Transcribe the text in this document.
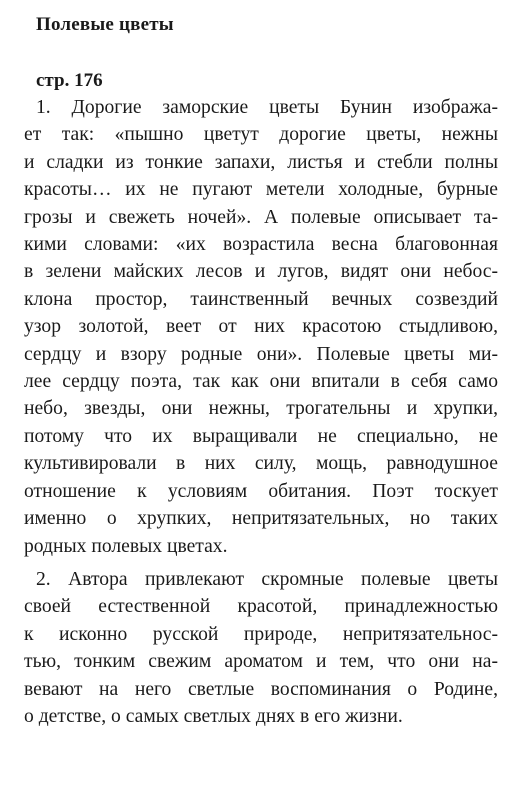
Полевые цветы
стр. 176
1. Дорогие заморские цветы Бунин изобража-
ет так: «пышно цветут дорогие цветы, нежны
и сладки из тонкие запахи, листья и стебли полны
красоты… их не пугают метели холодные, бурные
грозы и свежеть ночей». А полевые описывает та-
кими словами: «их возрастила весна благовонная
в зелени майских лесов и лугов, видят они небос-
клона простор, таинственный вечных созвездий
узор золотой, веет от них красотою стыдливою,
сердцу и взору родные они». Полевые цветы ми-
лее сердцу поэта, так как они впитали в себя само
небо, звезды, они нежны, трогательны и хрупки,
потому что их выращивали не специально, не
культивировали в них силу, мощь, равнодушное
отношение к условиям обитания. Поэт тоскует
именно о хрупких, непритязательных, но таких
родных полевых цветах.
2. Автора привлекают скромные полевые цветы
своей естественной красотой, принадлежностью
к исконно русской природе, непритязательнос-
тью, тонким свежим ароматом и тем, что они на-
вевают на него светлые воспоминания о Родине,
о детстве, о самых светлых днях в его жизни.
